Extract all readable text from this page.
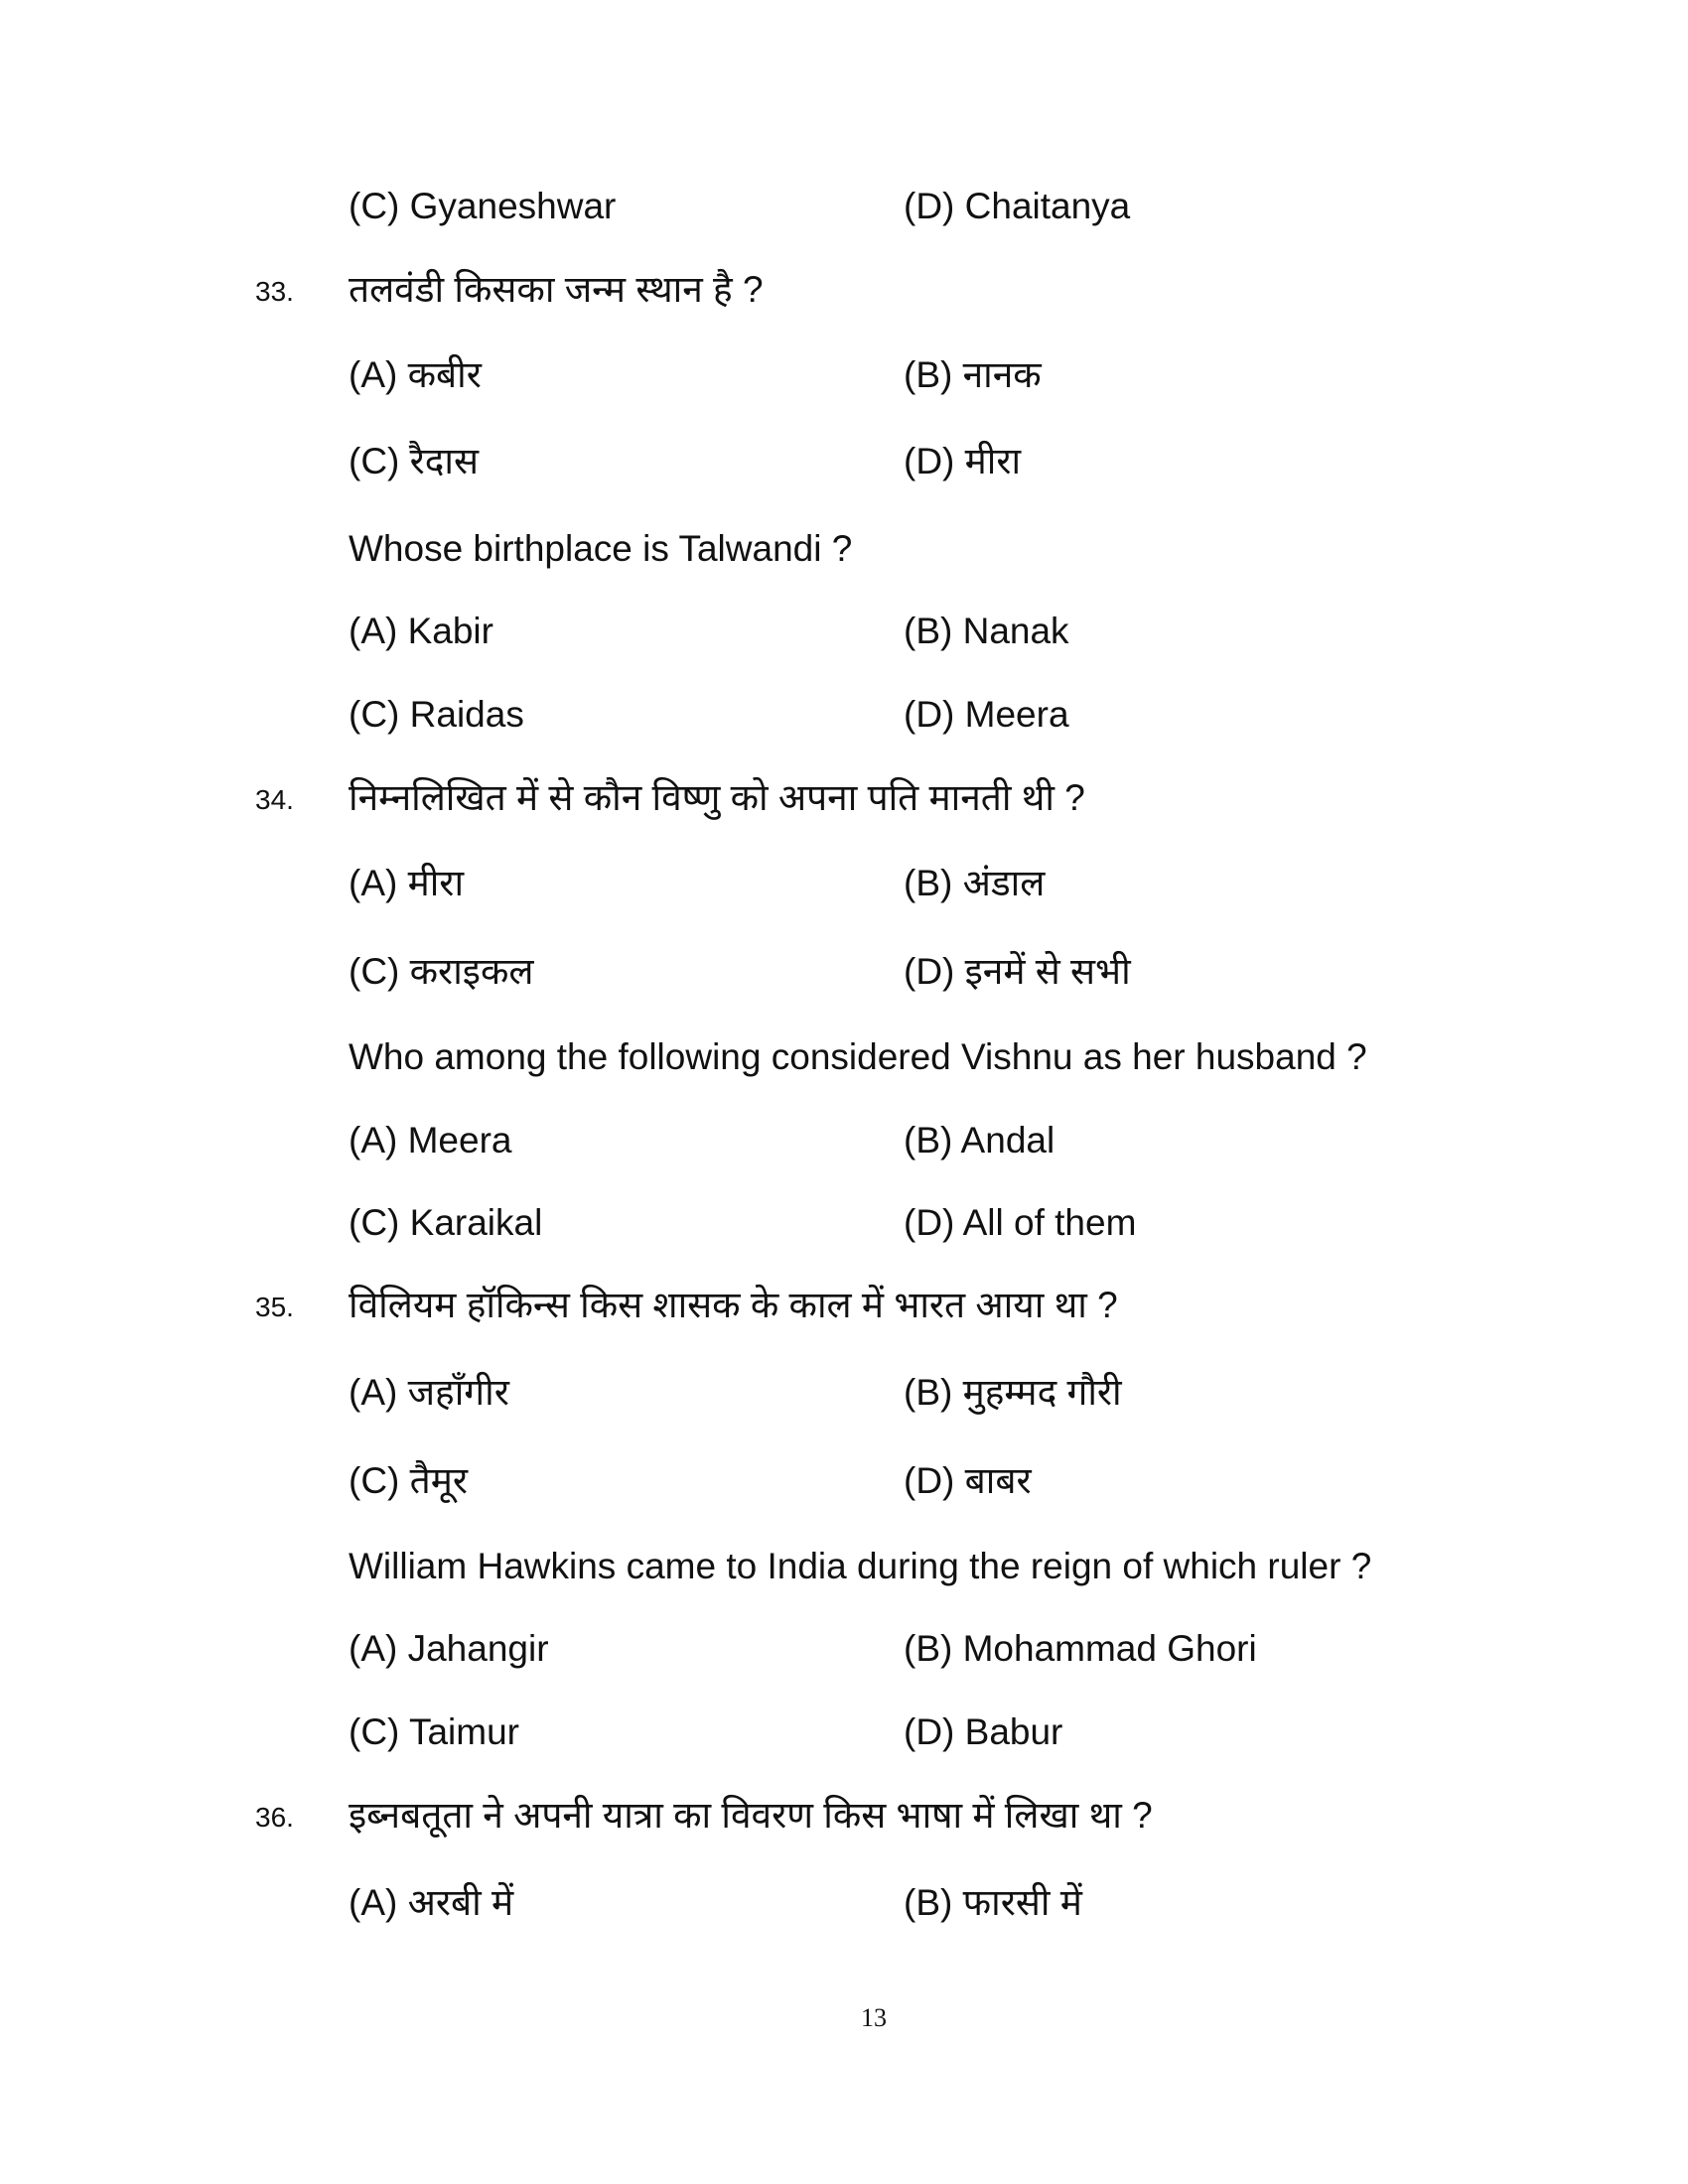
(C) Gyaneshwar	(D) Chaitanya
33. तलवंडी किसका जन्म स्थान है ?
(A) कबीर	(B) नानक
(C) रैदास	(D) मीरा
Whose birthplace is Talwandi ?
(A) Kabir	(B) Nanak
(C) Raidas	(D) Meera
34. निम्नलिखित में से कौन विष्णु को अपना पति मानती थी ?
(A) मीरा	(B) अंडाल
(C) कराइकल	(D) इनमें से सभी
Who among the following considered Vishnu as her husband ?
(A) Meera	(B) Andal
(C) Karaikal	(D) All of them
35. विलियम हॉकिन्स किस शासक के काल में भारत आया था ?
(A) जहाँगीर	(B) मुहम्मद गौरी
(C) तैमूर	(D) बाबर
William Hawkins came to India during the reign of which ruler ?
(A) Jahangir	(B) Mohammad Ghori
(C) Taimur	(D) Babur
36. इब्नबतूता ने अपनी यात्रा का विवरण किस भाषा में लिखा था ?
(A) अरबी में	(B) फारसी में
13
